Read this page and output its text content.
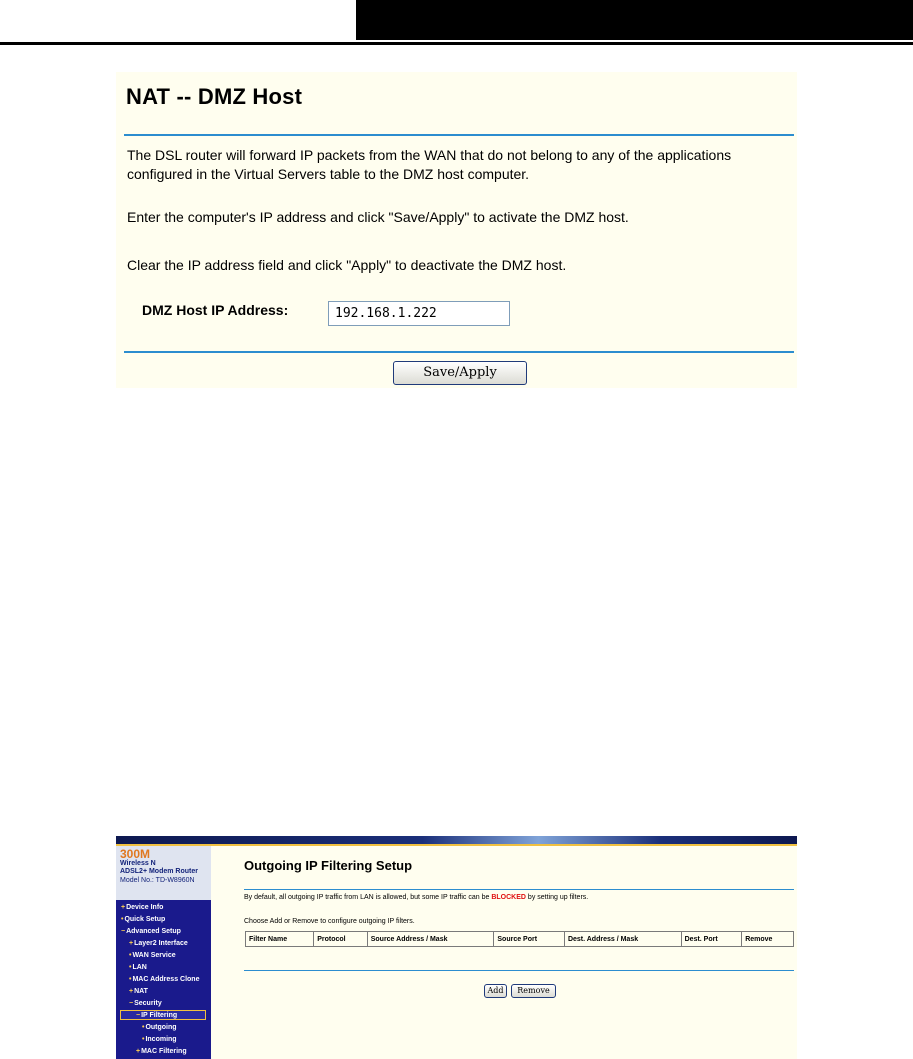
NAT -- DMZ Host
The DSL router will forward IP packets from the WAN that do not belong to any of the applications
configured in the Virtual Servers table to the DMZ host computer.
Enter the computer's IP address and click "Save/Apply" to activate the DMZ host.
Clear the IP address field and click "Apply" to deactivate the DMZ host.
DMZ Host IP Address:
192.168.1.222
Save/Apply
300M
Wireless N
ADSL2+ Modem Router
Model No.: TD-W8960N
+Device Info
•Quick Setup
−Advanced Setup
+Layer2 Interface
•WAN Service
•LAN
•MAC Address Clone
+NAT
−Security
−IP Filtering
•Outgoing
•Incoming
+MAC Filtering
Outgoing IP Filtering Setup
By default, all outgoing IP traffic from LAN is allowed, but some IP traffic can be BLOCKED by setting up filters.
Choose Add or Remove to configure outgoing IP filters.
Filter Name	Protocol	Source Address / Mask	Source Port	Dest. Address / Mask	Dest. Port	Remove
Add	Remove
